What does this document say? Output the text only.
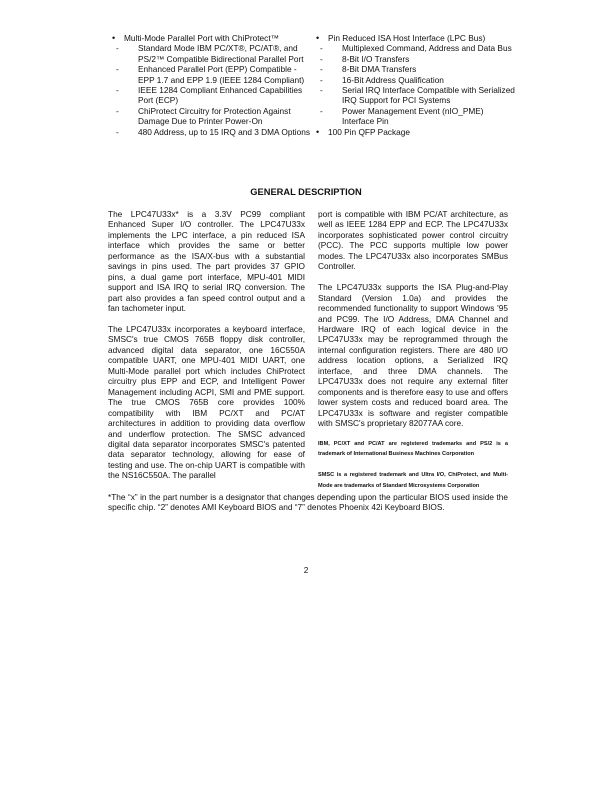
• Multi-Mode Parallel Port with ChiProtect™
- Standard Mode IBM PC/XT®, PC/AT®, and PS/2™ Compatible Bidirectional Parallel Port
- Enhanced Parallel Port (EPP) Compatible - EPP 1.7 and EPP 1.9 (IEEE 1284 Compliant)
- IEEE 1284 Compliant Enhanced Capabilities Port (ECP)
- ChiProtect Circuitry for Protection Against Damage Due to Printer Power-On
- 480 Address, up to 15 IRQ and 3 DMA Options
• Pin Reduced ISA Host Interface (LPC Bus)
- Multiplexed Command, Address and Data Bus
- 8-Bit I/O Transfers
- 8-Bit DMA Transfers
- 16-Bit Address Qualification
- Serial IRQ Interface Compatible with Serialized IRQ Support for PCI Systems
- Power Management Event (nIO_PME) Interface Pin
• 100 Pin QFP Package
GENERAL DESCRIPTION

The LPC47U33x* is a 3.3V PC99 compliant Enhanced Super I/O controller. The LPC47U33x implements the LPC interface, a pin reduced ISA interface which provides the same or better performance as the ISA/X-bus with a substantial savings in pins used. The part provides 37 GPIO pins, a dual game port interface, MPU-401 MIDI support and ISA IRQ to serial IRQ conversion. The part also provides a fan speed control output and a fan tachometer input.

The LPC47U33x incorporates a keyboard interface, SMSC's true CMOS 765B floppy disk controller, advanced digital data separator, one 16C550A compatible UART, one MPU-401 MIDI UART, one Multi-Mode parallel port which includes ChiProtect circuitry plus EPP and ECP, and Intelligent Power Management including ACPI, SMI and PME support. The true CMOS 765B core provides 100% compatibility with IBM PC/XT and PC/AT architectures in addition to providing data overflow and underflow protection. The SMSC advanced digital data separator incorporates SMSC's patented data separator technology, allowing for ease of testing and use. The on-chip UART is compatible with the NS16C550A. The parallel

port is compatible with IBM PC/AT architecture, as well as IEEE 1284 EPP and ECP. The LPC47U33x incorporates sophisticated power control circuitry (PCC). The PCC supports multiple low power modes. The LPC47U33x also incorporates SMBus Controller.

The LPC47U33x supports the ISA Plug-and-Play Standard (Version 1.0a) and provides the recommended functionality to support Windows '95 and PC99. The I/O Address, DMA Channel and Hardware IRQ of each logical device in the LPC47U33x may be reprogrammed through the internal configuration registers. There are 480 I/O address location options, a Serialized IRQ interface, and three DMA channels. The LPC47U33x does not require any external filter components and is therefore easy to use and offers lower system costs and reduced board area. The LPC47U33x is software and register compatible with SMSC's proprietary 82077AA core.

IBM, PC/XT and PC/AT are registered trademarks and PS/2 is a trademark of International Business Machines Corporation

SMSC is a registered trademark and Ultra I/O, ChiProtect, and Multi-Mode are trademarks of Standard Microsystems Corporation

*The “x” in the part number is a designator that changes depending upon the particular BIOS used inside the specific chip. “2” denotes AMI Keyboard BIOS and “7” denotes Phoenix 42i Keyboard BIOS.

2
